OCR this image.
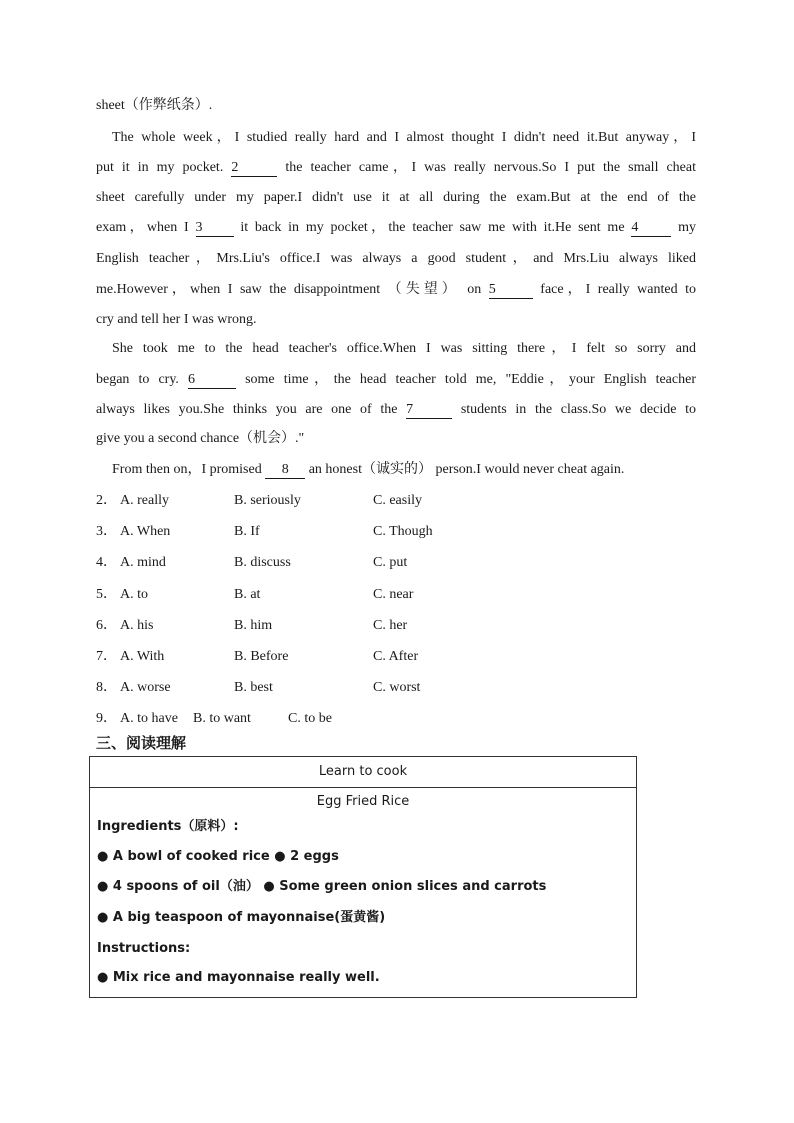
sheet（作弊纸条）.
The whole week，I studied really hard and I almost thought I didn't need it.But anyway，I
put it in my pocket. 2	the teacher came，I was really nervous.So I put the small cheat
sheet carefully under my paper.I didn't use it at all during the exam.But at the end of the
exam，when I 3	it back in my pocket，the teacher saw me with it.He sent me 4	my
English teacher，Mrs.Liu's office.I was always a good student，and Mrs.Liu always liked
me.However，when I saw the disappointment （失望） on 5	face，I really wanted to
cry and tell her I was wrong.
She took me to the head teacher's office.When I was sitting there，I felt so sorry and
began to cry. 6	some time，the head teacher told me, "Eddie，your English teacher
always likes you.She thinks you are one of the 7	students in the class.So we decide to
give you a second chance（机会）."
From then on，I promised 8 an honest（诚实的） person.I would never cheat again.
2． A. really	B. seriously	C. easily
3． A. When	B. If	C. Though
4． A. mind	B. discuss	C. put
5． A. to	B. at	C. near
6． A. his	B. him	C. her
7． A. With	B. Before	C. After
8． A. worse	B. best	C. worst
9． A. to have B. to want	C. to be
三、阅读理解
Learn to cook
Egg Fried Rice
Ingredients（原料）:
● A bowl of cooked rice ● 2 eggs
● 4 spoons of oil（油） ● Some green onion slices and carrots
● A big teaspoon of mayonnaise(蛋黄酱)
Instructions:
● Mix rice and mayonnaise really well.
